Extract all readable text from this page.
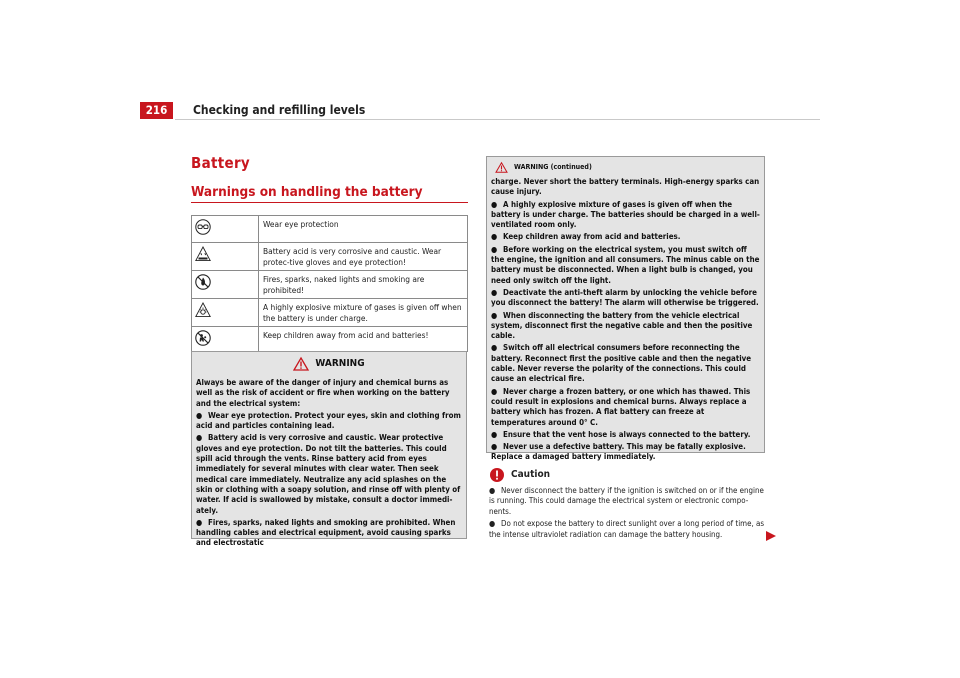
216	Checking and refilling levels
Battery
Warnings on handling the battery
	Wear eye protection

	Battery acid is very corrosive and caustic. Wear protec-tive gloves and eye protection!

	Fires, sparks, naked lights and smoking are prohibited!

	A highly explosive mixture of gases is given off when the battery is under charge.

	Keep children away from acid and batteries!
WARNING
Always be aware of the danger of injury and chemical burns as well as the risk of accident or fire when working on the battery and the electrical system:
● Wear eye protection. Protect your eyes, skin and clothing from acid and particles containing lead.
● Battery acid is very corrosive and caustic. Wear protective gloves and eye protection. Do not tilt the batteries. This could spill acid through the vents. Rinse battery acid from eyes immediately for several minutes with clear water. Then seek medical care immediately. Neutralize any acid splashes on the skin or clothing with a soapy solution, and rinse off with plenty of water. If acid is swallowed by mistake, consult a doctor immedi-ately.
● Fires, sparks, naked lights and smoking are prohibited. When handling cables and electrical equipment, avoid causing sparks and electrostatic
WARNING (continued)
charge. Never short the battery terminals. High-energy sparks can cause injury.
● A highly explosive mixture of gases is given off when the battery is under charge. The batteries should be charged in a well-ventilated room only.
● Keep children away from acid and batteries.
● Before working on the electrical system, you must switch off the engine, the ignition and all consumers. The minus cable on the battery must be disconnected. When a light bulb is changed, you need only switch off the light.
● Deactivate the anti-theft alarm by unlocking the vehicle before you disconnect the battery! The alarm will otherwise be triggered.
● When disconnecting the battery from the vehicle electrical system, disconnect first the negative cable and then the positive cable.
● Switch off all electrical consumers before reconnecting the battery. Reconnect first the positive cable and then the negative cable. Never reverse the polarity of the connections. This could cause an electrical fire.
● Never charge a frozen battery, or one which has thawed. This could result in explosions and chemical burns. Always replace a battery which has frozen. A flat battery can freeze at temperatures around 0° C.
● Ensure that the vent hose is always connected to the battery.
● Never use a defective battery. This may be fatally explosive. Replace a damaged battery immediately.
Caution
● Never disconnect the battery if the ignition is switched on or if the engine is running. This could damage the electrical system or electronic compo-nents.
● Do not expose the battery to direct sunlight over a long period of time, as the intense ultraviolet radiation can damage the battery housing.
